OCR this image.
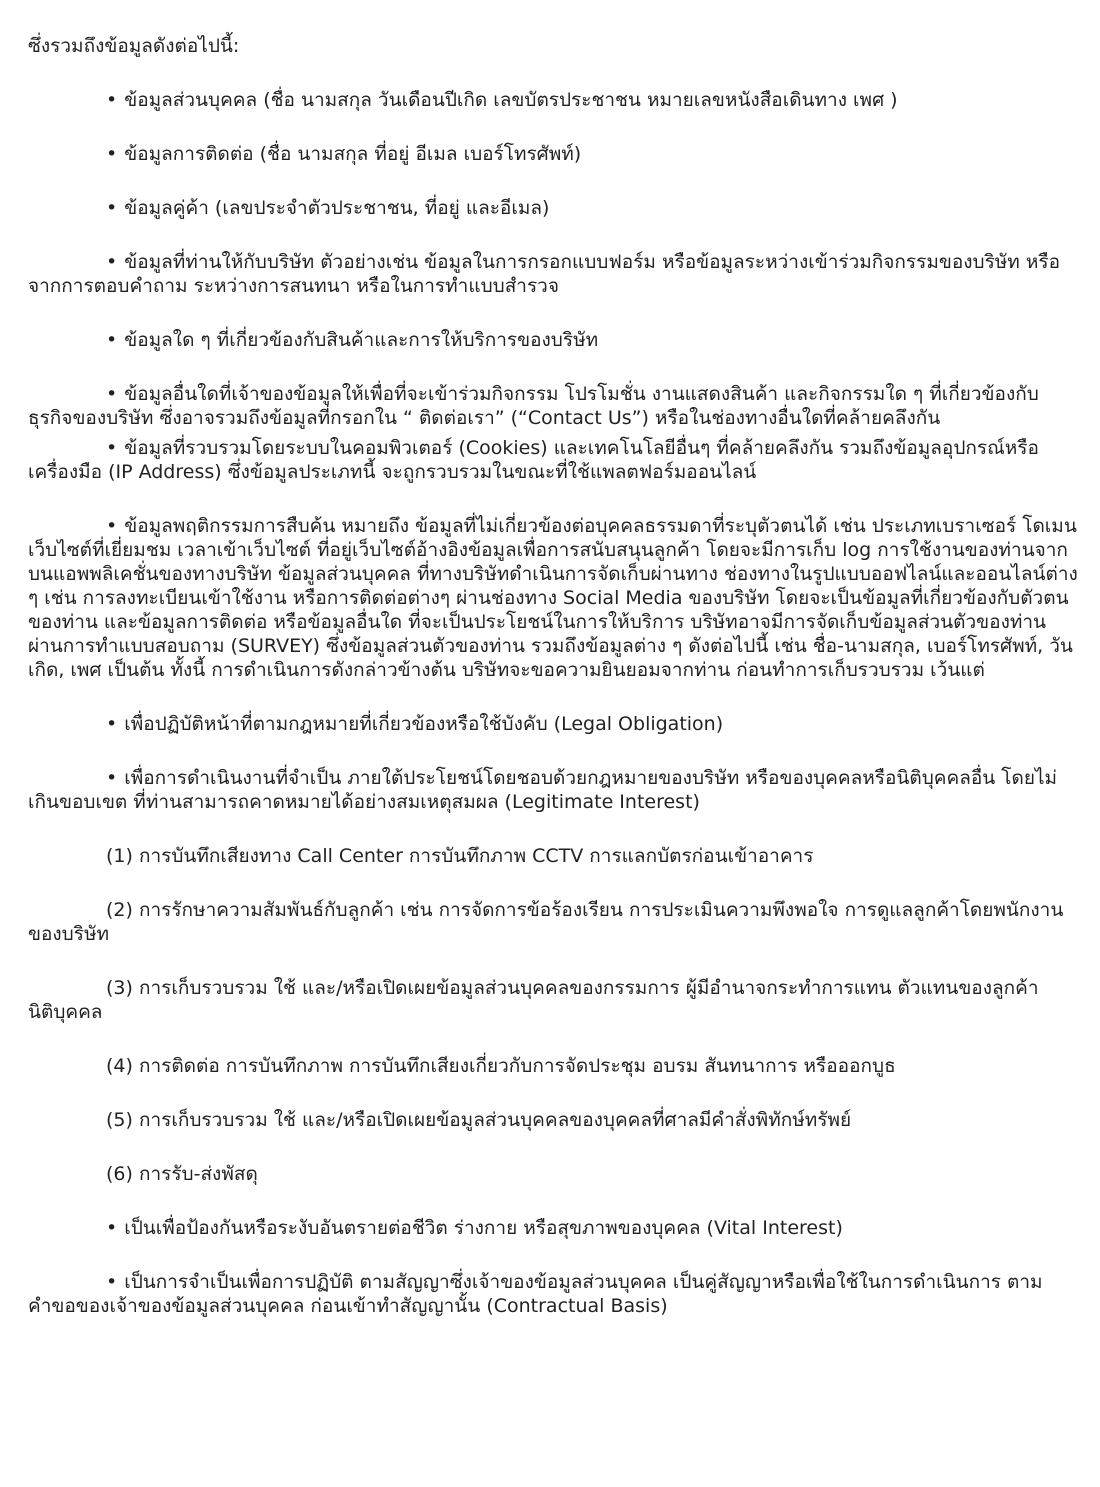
ซึ่งรวมถึงข้อมูลดังต่อไปนี้:

• ข้อมูลส่วนบุคคล (ชื่อ นามสกุล วันเดือนปีเกิด เลขบัตรประชาชน หมายเลขหนังสือเดินทาง เพศ )

• ข้อมูลการติดต่อ (ชื่อ นามสกุล ที่อยู่ อีเมล เบอร์โทรศัพท์)

• ข้อมูลคู่ค้า (เลขประจำตัวประชาชน, ที่อยู่ และอีเมล)

• ข้อมูลที่ท่านให้กับบริษัท ตัวอย่างเช่น ข้อมูลในการกรอกแบบฟอร์ม หรือข้อมูลระหว่างเข้าร่วมกิจกรรมของบริษัท หรือจากการตอบคำถาม ระหว่างการสนทนา หรือในการทำแบบสำรวจ

• ข้อมูลใด ๆ ที่เกี่ยวข้องกับสินค้าและการให้บริการของบริษัท

• ข้อมูลอื่นใดที่เจ้าของข้อมูลให้เพื่อที่จะเข้าร่วมกิจกรรม โปรโมชั่น งานแสดงสินค้า และกิจกรรมใด ๆ ที่เกี่ยวข้องกับธุรกิจของบริษัท ซึ่งอาจรวมถึงข้อมูลที่กรอกใน “ ติดต่อเรา” (“Contact Us”) หรือในช่องทางอื่นใดที่คล้ายคลึงกัน

• ข้อมูลที่รวบรวมโดยระบบในคอมพิวเตอร์ (Cookies) และเทคโนโลยีอื่นๆ ที่คล้ายคลึงกัน รวมถึงข้อมูลอุปกรณ์หรือเครื่องมือ (IP Address) ซึ่งข้อมูลประเภทนี้ จะถูกรวบรวมในขณะที่ใช้แพลตฟอร์มออนไลน์

• ข้อมูลพฤติกรรมการสืบค้น หมายถึง ข้อมูลที่ไม่เกี่ยวข้องต่อบุคคลธรรมดาที่ระบุตัวตนได้ เช่น ประเภทเบราเซอร์ โดเมน เว็บไซต์ที่เยี่ยมชม เวลาเข้าเว็บไซต์ ที่อยู่เว็บไซต์อ้างอิงข้อมูลเพื่อการสนับสนุนลูกค้า โดยจะมีการเก็บ log การใช้งานของท่านจากบนแอพพลิเคชั่นของทางบริษัท ข้อมูลส่วนบุคคล ที่ทางบริษัทดำเนินการจัดเก็บผ่านทาง ช่องทางในรูปแบบออฟไลน์และออนไลน์ต่าง ๆ เช่น การลงทะเบียนเข้าใช้งาน หรือการติดต่อต่างๆ ผ่านช่องทาง Social Media ของบริษัท โดยจะเป็นข้อมูลที่เกี่ยวข้องกับตัวตนของท่าน และข้อมูลการติดต่อ หรือข้อมูลอื่นใด ที่จะเป็นประโยชน์ในการให้บริการ บริษัทอาจมีการจัดเก็บข้อมูลส่วนตัวของท่าน ผ่านการทำแบบสอบถาม (SURVEY) ซึ่งข้อมูลส่วนตัวของท่าน รวมถึงข้อมูลต่าง ๆ ดังต่อไปนี้ เช่น ชื่อ-นามสกุล, เบอร์โทรศัพท์, วันเกิด, เพศ เป็นต้น ทั้งนี้ การดำเนินการดังกล่าวข้างต้น บริษัทจะขอความยินยอมจากท่าน ก่อนทำการเก็บรวบรวม เว้นแต่

• เพื่อปฏิบัติหน้าที่ตามกฎหมายที่เกี่ยวข้องหรือใช้บังคับ (Legal Obligation)

• เพื่อการดำเนินงานที่จำเป็น ภายใต้ประโยชน์โดยชอบด้วยกฎหมายของบริษัท หรือของบุคคลหรือนิติบุคคลอื่น โดยไม่เกินขอบเขต ที่ท่านสามารถคาดหมายได้อย่างสมเหตุสมผล (Legitimate Interest)

(1) การบันทึกเสียงทาง Call Center การบันทึกภาพ CCTV การแลกบัตรก่อนเข้าอาคาร

(2) การรักษาความสัมพันธ์กับลูกค้า เช่น การจัดการข้อร้องเรียน การประเมินความพึงพอใจ การดูแลลูกค้าโดยพนักงานของบริษัท

(3) การเก็บรวบรวม ใช้ และ/หรือเปิดเผยข้อมูลส่วนบุคคลของกรรมการ ผู้มีอำนาจกระทำการแทน ตัวแทนของลูกค้านิติบุคคล

(4) การติดต่อ การบันทึกภาพ การบันทึกเสียงเกี่ยวกับการจัดประชุม อบรม สันทนาการ หรือออกบูธ

(5) การเก็บรวบรวม ใช้ และ/หรือเปิดเผยข้อมูลส่วนบุคคลของบุคคลที่ศาลมีคำสั่งพิทักษ์ทรัพย์

(6) การรับ-ส่งพัสดุ

• เป็นเพื่อป้องกันหรือระงับอันตรายต่อชีวิต ร่างกาย หรือสุขภาพของบุคคล (Vital Interest)

• เป็นการจำเป็นเพื่อการปฏิบัติ ตามสัญญาซึ่งเจ้าของข้อมูลส่วนบุคคล เป็นคู่สัญญาหรือเพื่อใช้ในการดำเนินการ ตามคำขอของเจ้าของข้อมูลส่วนบุคคล ก่อนเข้าทำสัญญานั้น (Contractual Basis)
